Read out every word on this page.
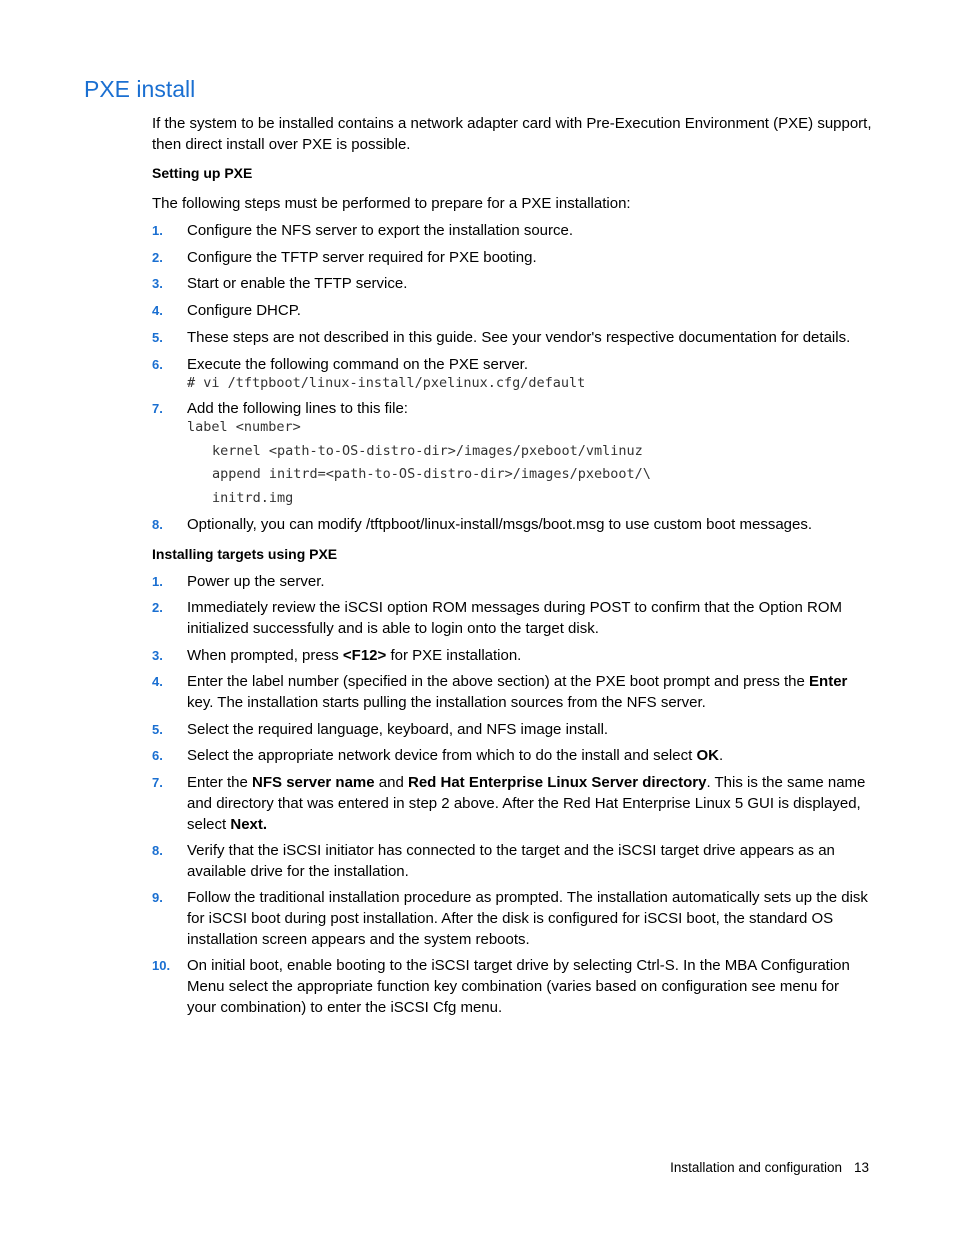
PXE install

If the system to be installed contains a network adapter card with Pre-Execution Environment (PXE) support, then direct install over PXE is possible.

Setting up PXE

The following steps must be performed to prepare for a PXE installation:

1. Configure the NFS server to export the installation source.
2. Configure the TFTP server required for PXE booting.
3. Start or enable the TFTP service.
4. Configure DHCP.
5. These steps are not described in this guide. See your vendor's respective documentation for details.
6. Execute the following command on the PXE server.
# vi /tftpboot/linux-install/pxelinux.cfg/default
7. Add the following lines to this file:
label <number>
kernel <path-to-OS-distro-dir>/images/pxeboot/vmlinuz
append initrd=<path-to-OS-distro-dir>/images/pxeboot/\
initrd.img
8. Optionally, you can modify /tftpboot/linux-install/msgs/boot.msg to use custom boot messages.
Installing targets using PXE
1. Power up the server.
2. Immediately review the iSCSI option ROM messages during POST to confirm that the Option ROM initialized successfully and is able to login onto the target disk.
3. When prompted, press <F12> for PXE installation.
4. Enter the label number (specified in the above section) at the PXE boot prompt and press the Enter key. The installation starts pulling the installation sources from the NFS server.
5. Select the required language, keyboard, and NFS image install.
6. Select the appropriate network device from which to do the install and select OK.
7. Enter the NFS server name and Red Hat Enterprise Linux Server directory. This is the same name and directory that was entered in step 2 above. After the Red Hat Enterprise Linux 5 GUI is displayed, select Next.
8. Verify that the iSCSI initiator has connected to the target and the iSCSI target drive appears as an available drive for the installation.
9. Follow the traditional installation procedure as prompted. The installation automatically sets up the disk for iSCSI boot during post installation. After the disk is configured for iSCSI boot, the standard OS installation screen appears and the system reboots.
10. On initial boot, enable booting to the iSCSI target drive by selecting Ctrl-S. In the MBA Configuration Menu select the appropriate function key combination (varies based on configuration see menu for your combination) to enter the iSCSI Cfg menu.
Installation and configuration 13
